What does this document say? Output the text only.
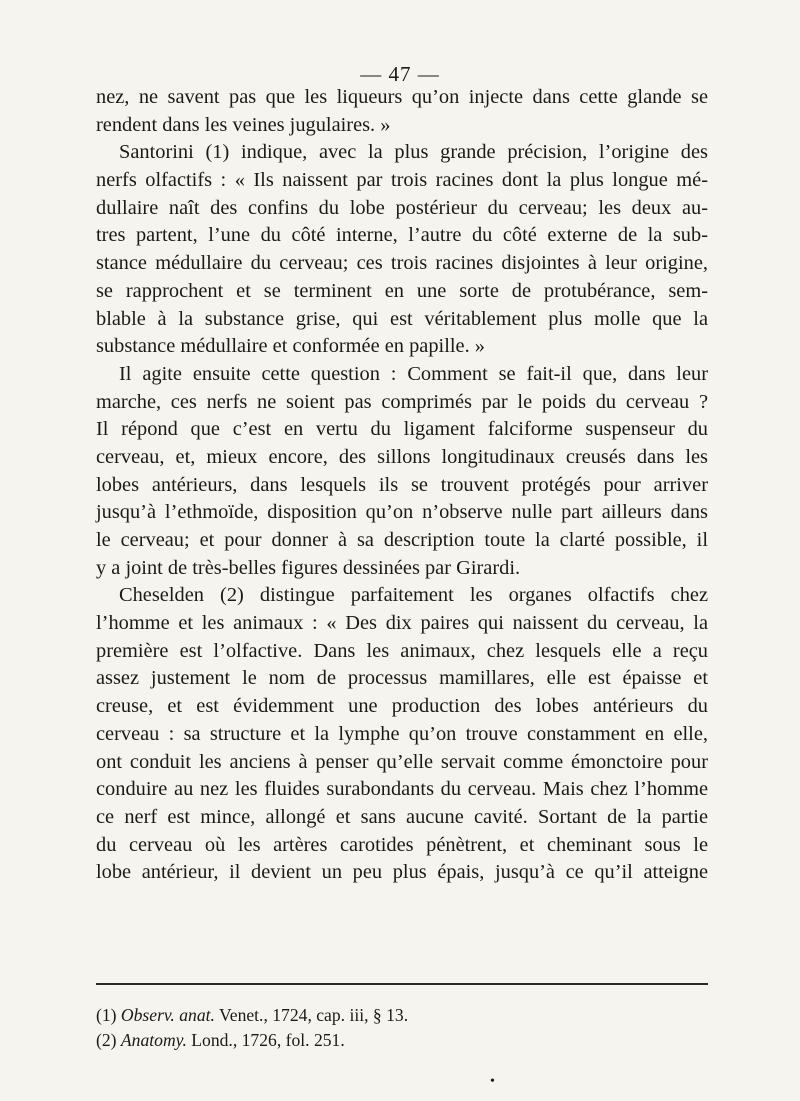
— 47 —
nez, ne savent pas que les liqueurs qu’on injecte dans cette glande se
rendent dans les veines jugulaires. »
Santorini (1) indique, avec la plus grande précision, l’origine des
nerfs olfactifs : « Ils naissent par trois racines dont la plus longue mé-
dullaire naît des confins du lobe postérieur du cerveau; les deux au-
tres partent, l’une du côté interne, l’autre du côté externe de la sub-
stance médullaire du cerveau; ces trois racines disjointes à leur origine,
se rapprochent et se terminent en une sorte de protubérance, sem-
blable à la substance grise, qui est véritablement plus molle que la
substance médullaire et conformée en papille. »
Il agite ensuite cette question : Comment se fait-il que, dans leur
marche, ces nerfs ne soient pas comprimés par le poids du cerveau ?
Il répond que c’est en vertu du ligament falciforme suspenseur du
cerveau, et, mieux encore, des sillons longitudinaux creusés dans les
lobes antérieurs, dans lesquels ils se trouvent protégés pour arriver
jusqu’à l’ethmoïde, disposition qu’on n’observe nulle part ailleurs dans
le cerveau; et pour donner à sa description toute la clarté possible, il
y a joint de très-belles figures dessinées par Girardi.
Cheselden (2) distingue parfaitement les organes olfactifs chez
l’homme et les animaux : « Des dix paires qui naissent du cerveau, la
première est l’olfactive. Dans les animaux, chez lesquels elle a reçu
assez justement le nom de processus mamillares, elle est épaisse et
creuse, et est évidemment une production des lobes antérieurs du
cerveau : sa structure et la lymphe qu’on trouve constamment en elle,
ont conduit les anciens à penser qu’elle servait comme émonctoire pour
conduire au nez les fluides surabondants du cerveau. Mais chez l’homme
ce nerf est mince, allongé et sans aucune cavité. Sortant de la partie
du cerveau où les artères carotides pénètrent, et cheminant sous le
lobe antérieur, il devient un peu plus épais, jusqu’à ce qu’il atteigne
(1) Observ. anat. Venet., 1724, cap. iii, § 13.
(2) Anatomy. Lond., 1726, fol. 251.
•
